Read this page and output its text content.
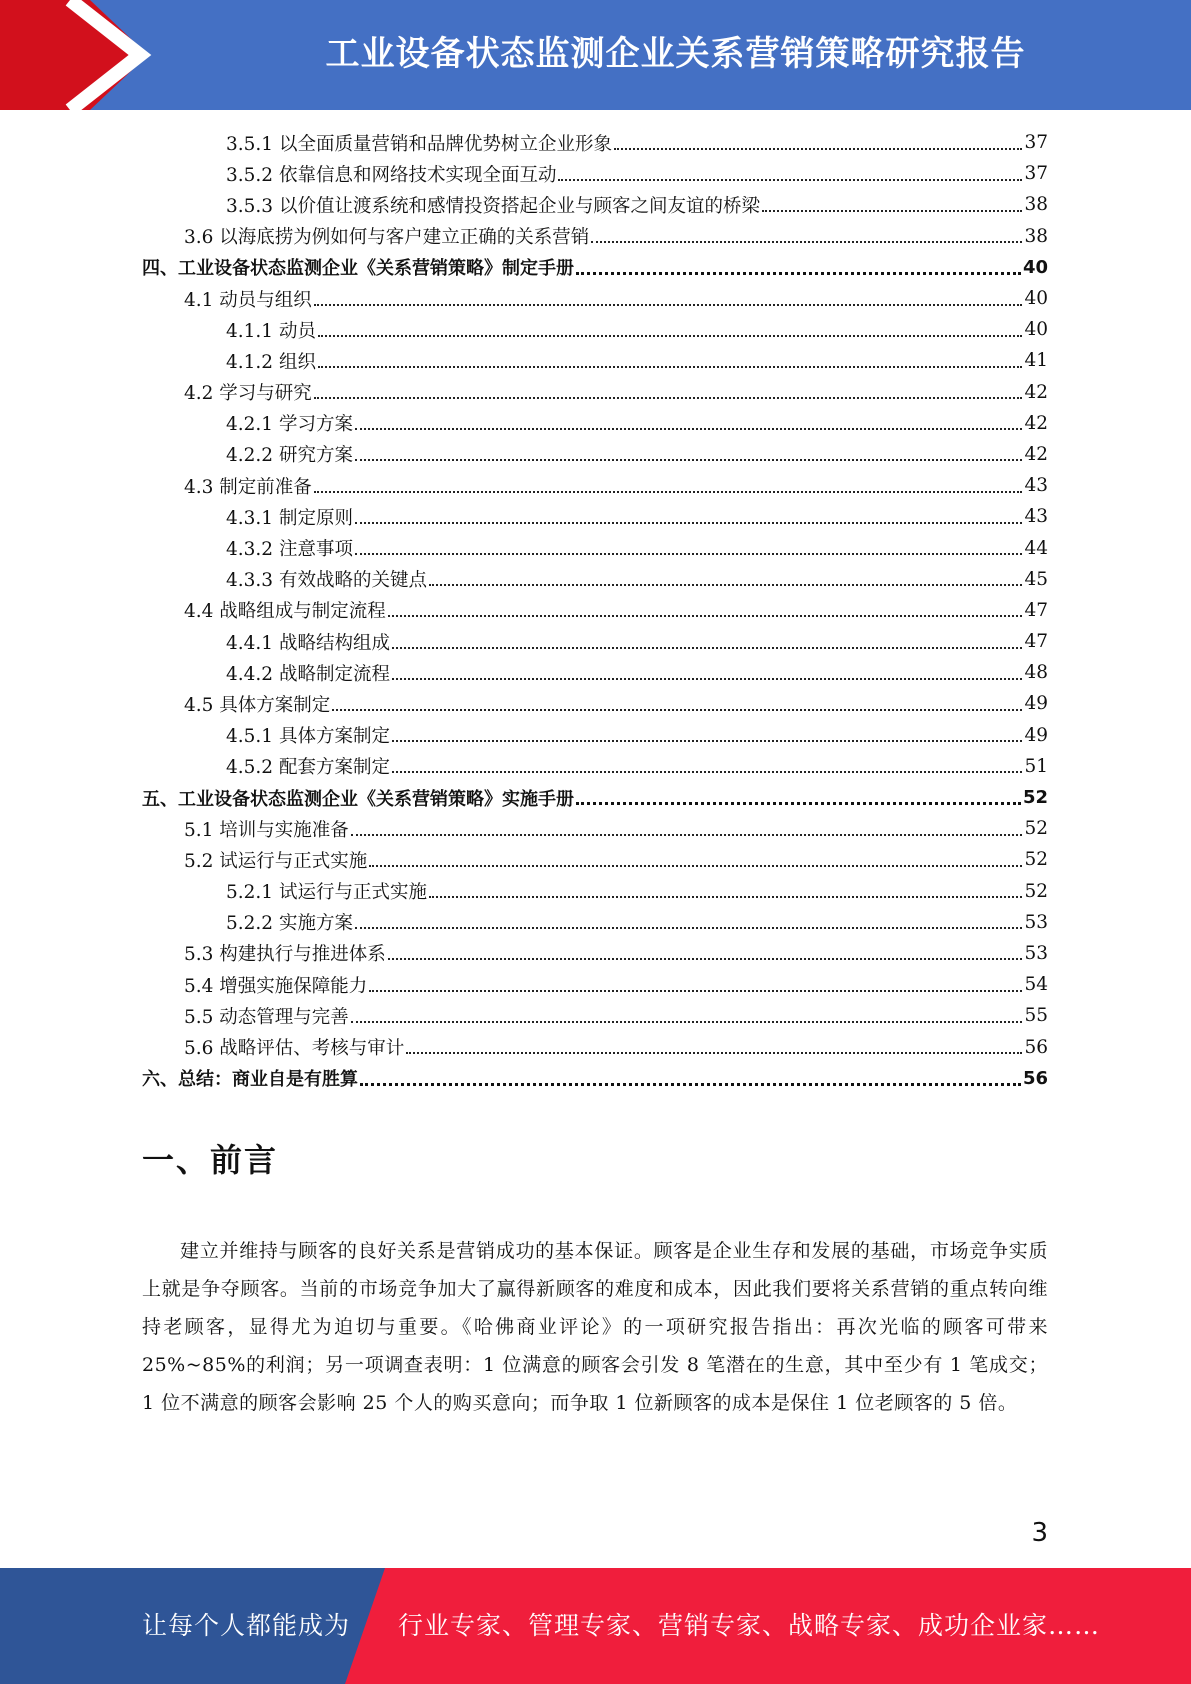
工业设备状态监测企业关系营销策略研究报告
3.5.1 以全面质量营销和品牌优势树立企业形象	37
3.5.2 依靠信息和网络技术实现全面互动	37
3.5.3 以价值让渡系统和感情投资搭起企业与顾客之间友谊的桥梁	38
3.6 以海底捞为例如何与客户建立正确的关系营销	38
四、工业设备状态监测企业《关系营销策略》制定手册	40
4.1 动员与组织	40
4.1.1 动员	40
4.1.2 组织	41
4.2 学习与研究	42
4.2.1 学习方案	42
4.2.2 研究方案	42
4.3 制定前准备	43
4.3.1 制定原则	43
4.3.2 注意事项	44
4.3.3 有效战略的关键点	45
4.4 战略组成与制定流程	47
4.4.1 战略结构组成	47
4.4.2 战略制定流程	48
4.5 具体方案制定	49
4.5.1 具体方案制定	49
4.5.2 配套方案制定	51
五、工业设备状态监测企业《关系营销策略》实施手册	52
5.1 培训与实施准备	52
5.2 试运行与正式实施	52
5.2.1 试运行与正式实施	52
5.2.2 实施方案	53
5.3 构建执行与推进体系	53
5.4 增强实施保障能力	54
5.5 动态管理与完善	55
5.6 战略评估、考核与审计	56
六、总结：商业自是有胜算	56
一、前言
建立并维持与顾客的良好关系是营销成功的基本保证。顾客是企业生存和发展的基础，市场竞争实质上就是争夺顾客。当前的市场竞争加大了赢得新顾客的难度和成本，因此我们要将关系营销的重点转向维持老顾客，显得尤为迫切与重要。《哈佛商业评论》的一项研究报告指出：再次光临的顾客可带来 25%~85%的利润；另一项调查表明：1 位满意的顾客会引发 8 笔潜在的生意，其中至少有 1 笔成交；1 位不满意的顾客会影响 25 个人的购买意向；而争取 1 位新顾客的成本是保住 1 位老顾客的 5 倍。
3
让每个人都能成为 行业专家、管理专家、营销专家、战略专家、成功企业家……
